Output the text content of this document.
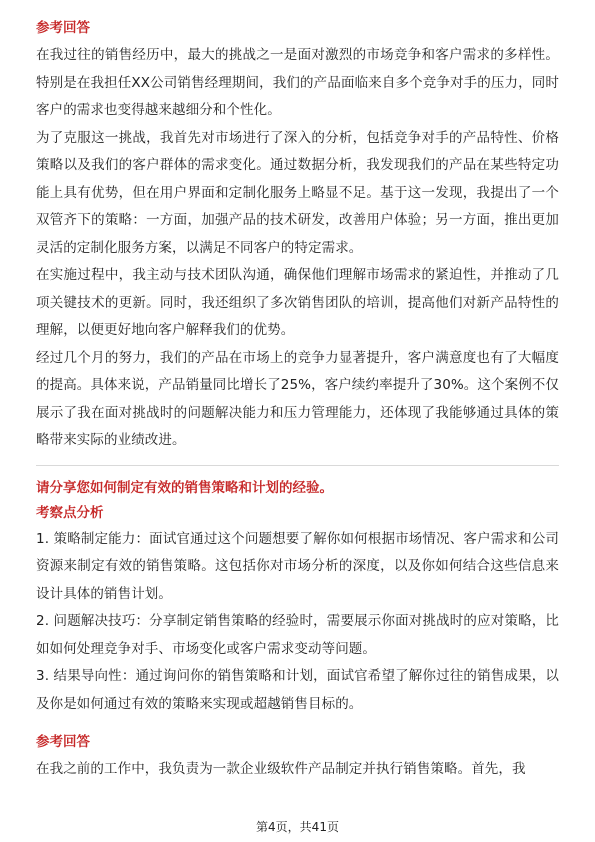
参考回答

在我过往的销售经历中，最大的挑战之一是面对激烈的市场竞争和客户需求的多样性。特别是在我担任XX公司销售经理期间，我们的产品面临来自多个竞争对手的压力，同时客户的需求也变得越来越细分和个性化。

为了克服这一挑战，我首先对市场进行了深入的分析，包括竞争对手的产品特性、价格策略以及我们的客户群体的需求变化。通过数据分析，我发现我们的产品在某些特定功能上具有优势，但在用户界面和定制化服务上略显不足。基于这一发现，我提出了一个双管齐下的策略：一方面，加强产品的技术研发，改善用户体验；另一方面，推出更加灵活的定制化服务方案，以满足不同客户的特定需求。

在实施过程中，我主动与技术团队沟通，确保他们理解市场需求的紧迫性，并推动了几项关键技术的更新。同时，我还组织了多次销售团队的培训，提高他们对新产品特性的理解，以便更好地向客户解释我们的优势。

经过几个月的努力，我们的产品在市场上的竞争力显著提升，客户满意度也有了大幅度的提高。具体来说，产品销量同比增长了25%，客户续约率提升了30%。这个案例不仅展示了我在面对挑战时的问题解决能力和压力管理能力，还体现了我能够通过具体的策略带来实际的业绩改进。

请分享您如何制定有效的销售策略和计划的经验。

考察点分析

1. 策略制定能力：面试官通过这个问题想要了解你如何根据市场情况、客户需求和公司资源来制定有效的销售策略。这包括你对市场分析的深度，以及你如何结合这些信息来设计具体的销售计划。

2. 问题解决技巧：分享制定销售策略的经验时，需要展示你面对挑战时的应对策略，比如如何处理竞争对手、市场变化或客户需求变动等问题。

3. 结果导向性：通过询问你的销售策略和计划，面试官希望了解你过往的销售成果，以及你是如何通过有效的策略来实现或超越销售目标的。

参考回答

在我之前的工作中，我负责为一款企业级软件产品制定并执行销售策略。首先，我

第4页，共41页
